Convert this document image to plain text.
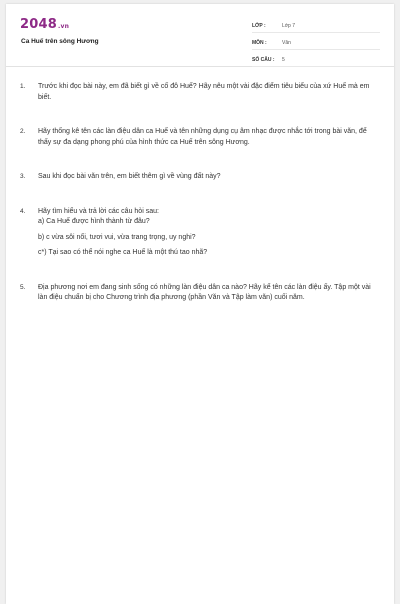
2048.vn
Ca Huế trên sông Hương
LỚP :	Lớp 7
MÔN :	Văn
SỐ CÂU :	5
1.	Trước khi đọc bài này, em đã biết gì về cố đô Huế? Hãy nêu một vài đặc điểm tiêu biểu của xứ Huế mà em biết.
2.	Hãy thống kê tên các làn điệu dân ca Huế và tên những dụng cụ âm nhạc được nhắc tới trong bài văn, để thấy sự đa dạng phong phú của hình thức ca Huế trên sông Hương.
3.	Sau khi đọc bài văn trên, em biết thêm gì về vùng đất này?
4.	Hãy tìm hiểu và trả lời các câu hỏi sau:
a) Ca Huế được hình thành từ đâu?
b) c vừa sôi nổi, tươi vui, vừa trang trọng, uy nghi?
c*) Tại sao có thể nói nghe ca Huế là một thú tao nhã?
5.	Địa phương nơi em đang sinh sống có những làn điệu dân ca nào? Hãy kể tên các làn điệu ấy. Tập một vài làn điệu chuẩn bị cho Chương trình địa phương (phần Văn và Tập làm văn) cuối năm.
